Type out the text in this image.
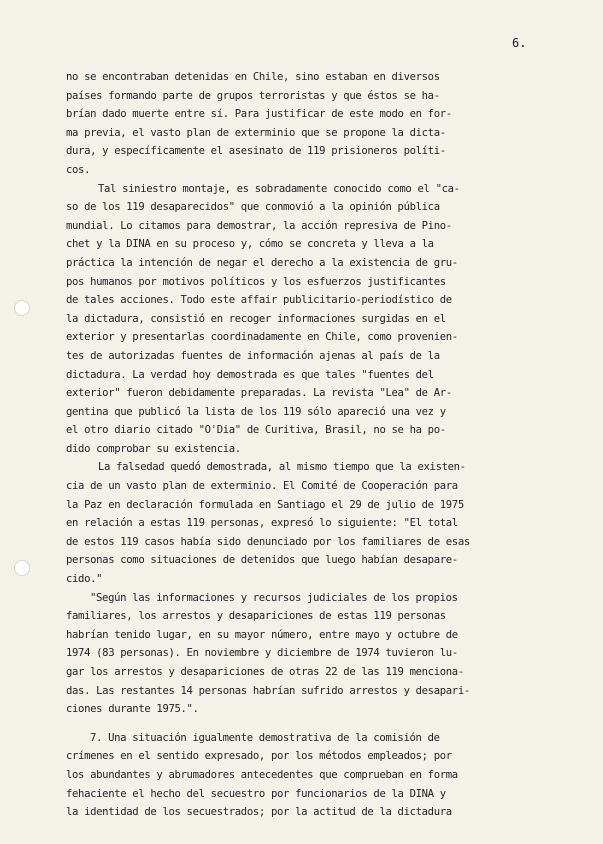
6.
no se encontraban detenidas en Chile, sino estaban en diversos
países formando parte de grupos terroristas y que éstos se ha-
brían dado muerte entre sí. Para justificar de este modo en for-
ma previa, el vasto plan de exterminio que se propone la dicta-
dura, y específicamente el asesinato de 119 prisioneros políti-
cos.
Tal siniestro montaje, es sobradamente conocido como el "ca-
so de los 119 desaparecidos" que conmovió a la opinión pública
mundial. Lo citamos para demostrar, la acción represiva de Pino-
chet y la DINA en su proceso y, cómo se concreta y lleva a la
práctica la intención de negar el derecho a la existencia de gru-
pos humanos por motivos políticos y los esfuerzos justificantes
de tales acciones. Todo este affair publicitario-periodístico de
la dictadura, consistió en recoger informaciones surgidas en el
exterior y presentarlas coordinadamente en Chile, como provenien-
tes de autorizadas fuentes de información ajenas al país de la
dictadura. La verdad hoy demostrada es que tales "fuentes del
exterior" fueron debidamente preparadas. La revista "Lea" de Ar-
gentina que publicó la lista de los 119 sólo apareció una vez y
el otro diario citado "O'Dia" de Curitiva, Brasil, no se ha po-
dido comprobar su existencia.
La falsedad quedó demostrada, al mismo tiempo que la existen-
cia de un vasto plan de exterminio. El Comité de Cooperación para
la Paz en declaración formulada en Santiago el 29 de julio de 1975
en relación a estas 119 personas, expresó lo siguiente: "El total
de estos 119 casos había sido denunciado por los familiares de esas
personas como situaciones de detenidos que luego habían desapare-
cido."
"Según las informaciones y recursos judiciales de los propios
familiares, los arrestos y desapariciones de estas 119 personas
habrían tenido lugar, en su mayor número, entre mayo y octubre de
1974 (83 personas). En noviembre y diciembre de 1974 tuvieron lu-
gar los arrestos y desapariciones de otras 22 de las 119 menciona-
das. Las restantes 14 personas habrían sufrido arrestos y desapari-
ciones durante 1975.".
7. Una situación igualmente demostrativa de la comisión de
crímenes en el sentido expresado, por los métodos empleados; por
los abundantes y abrumadores antecedentes que comprueban en forma
fehaciente el hecho del secuestro por funcionarios de la DINA y
la identidad de los secuestrados; por la actitud de la dictadura
